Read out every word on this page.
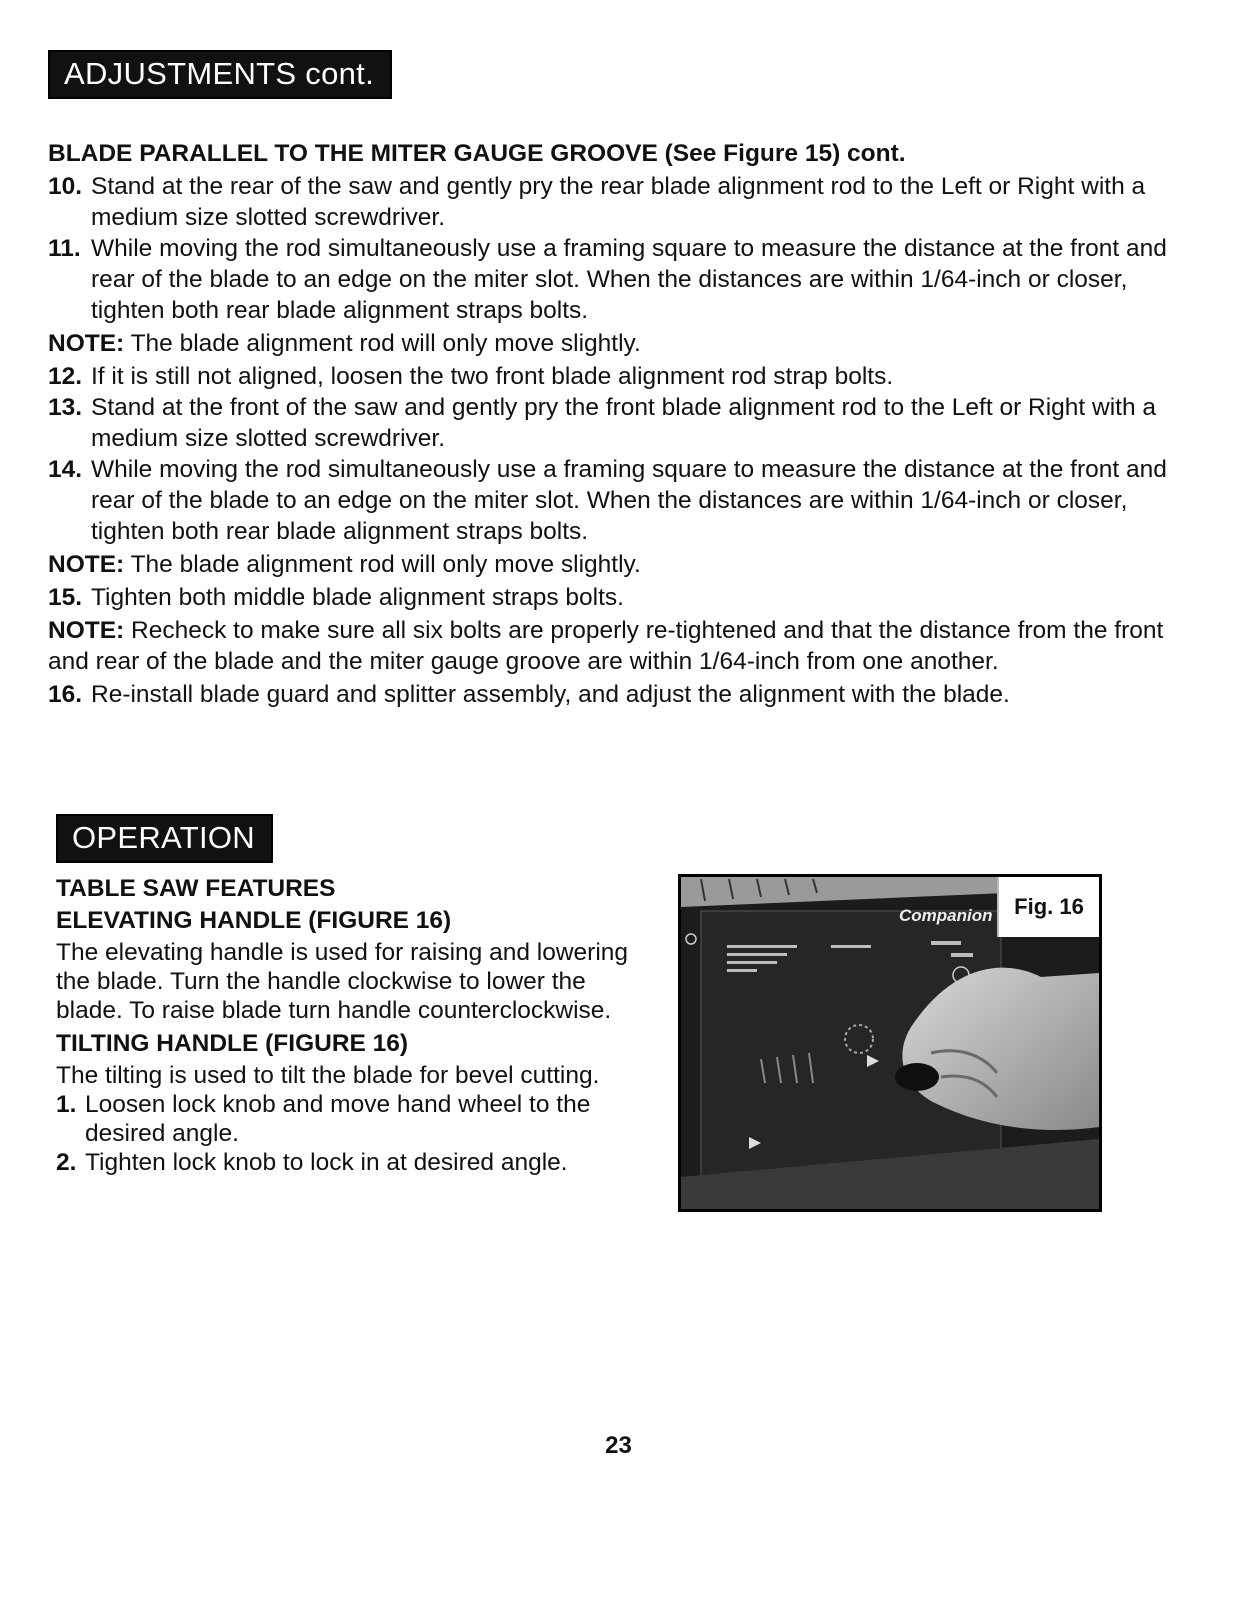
ADJUSTMENTS cont.
BLADE PARALLEL TO THE MITER GAUGE GROOVE (See Figure 15) cont.
10. Stand at the rear of the saw and gently pry the rear blade alignment rod to the Left or Right with a medium size slotted screwdriver.
11. While moving the rod simultaneously use a framing square to measure the distance at the front and rear of the blade to an edge on the miter slot. When the distances are within 1/64-inch or closer, tighten both rear blade alignment straps bolts.
NOTE: The blade alignment rod will only move slightly.
12. If it is still not aligned, loosen the two front blade alignment rod strap bolts.
13. Stand at the front of the saw and gently pry the front blade alignment rod to the Left or Right with a medium size slotted screwdriver.
14. While moving the rod simultaneously use a framing square to measure the distance at the front and rear of the blade to an edge on the miter slot. When the distances are within 1/64-inch or closer, tighten both rear blade alignment straps bolts.
NOTE: The blade alignment rod will only move slightly.
15. Tighten both middle blade alignment straps bolts.
NOTE: Recheck to make sure all six bolts are properly re-tightened and that the distance from the front and rear of the blade and the miter gauge groove are within 1/64-inch from one another.
16. Re-install blade guard and splitter assembly, and adjust the alignment with the blade.
OPERATION
TABLE SAW FEATURES
ELEVATING HANDLE (FIGURE 16)

The elevating handle is used for raising and lowering the blade. Turn the handle clockwise to lower the blade. To raise blade turn handle counterclockwise.

TILTING HANDLE (FIGURE 16)

The tilting is used to tilt the blade for bevel cutting.

1. Loosen lock knob and move hand wheel to the desired angle.
2. Tighten lock knob to lock in at desired angle.
Companion Fig. 16
23
